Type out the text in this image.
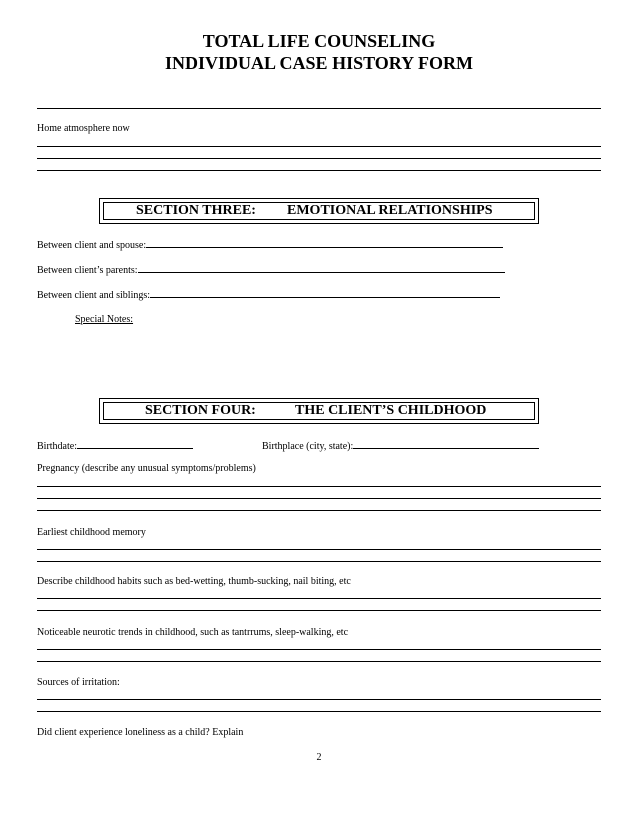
TOTAL LIFE COUNSELING
INDIVIDUAL CASE HISTORY FORM
Home atmosphere now
SECTION THREE: EMOTIONAL RELATIONSHIPS
Between client and spouse:
Between client’s parents:
Between client and siblings:
Special Notes:
SECTION FOUR:	THE CLIENT’S CHILDHOOD
Birthdate:	Birthplace (city, state):
Pregnancy (describe any unusual symptoms/problems)
Earliest childhood memory
Describe childhood habits such as bed-wetting, thumb-sucking, nail biting, etc
Noticeable neurotic trends in childhood, such as tantrrums, sleep-walking, etc
Sources of irritation:
Did client experience loneliness as a child? Explain
2
